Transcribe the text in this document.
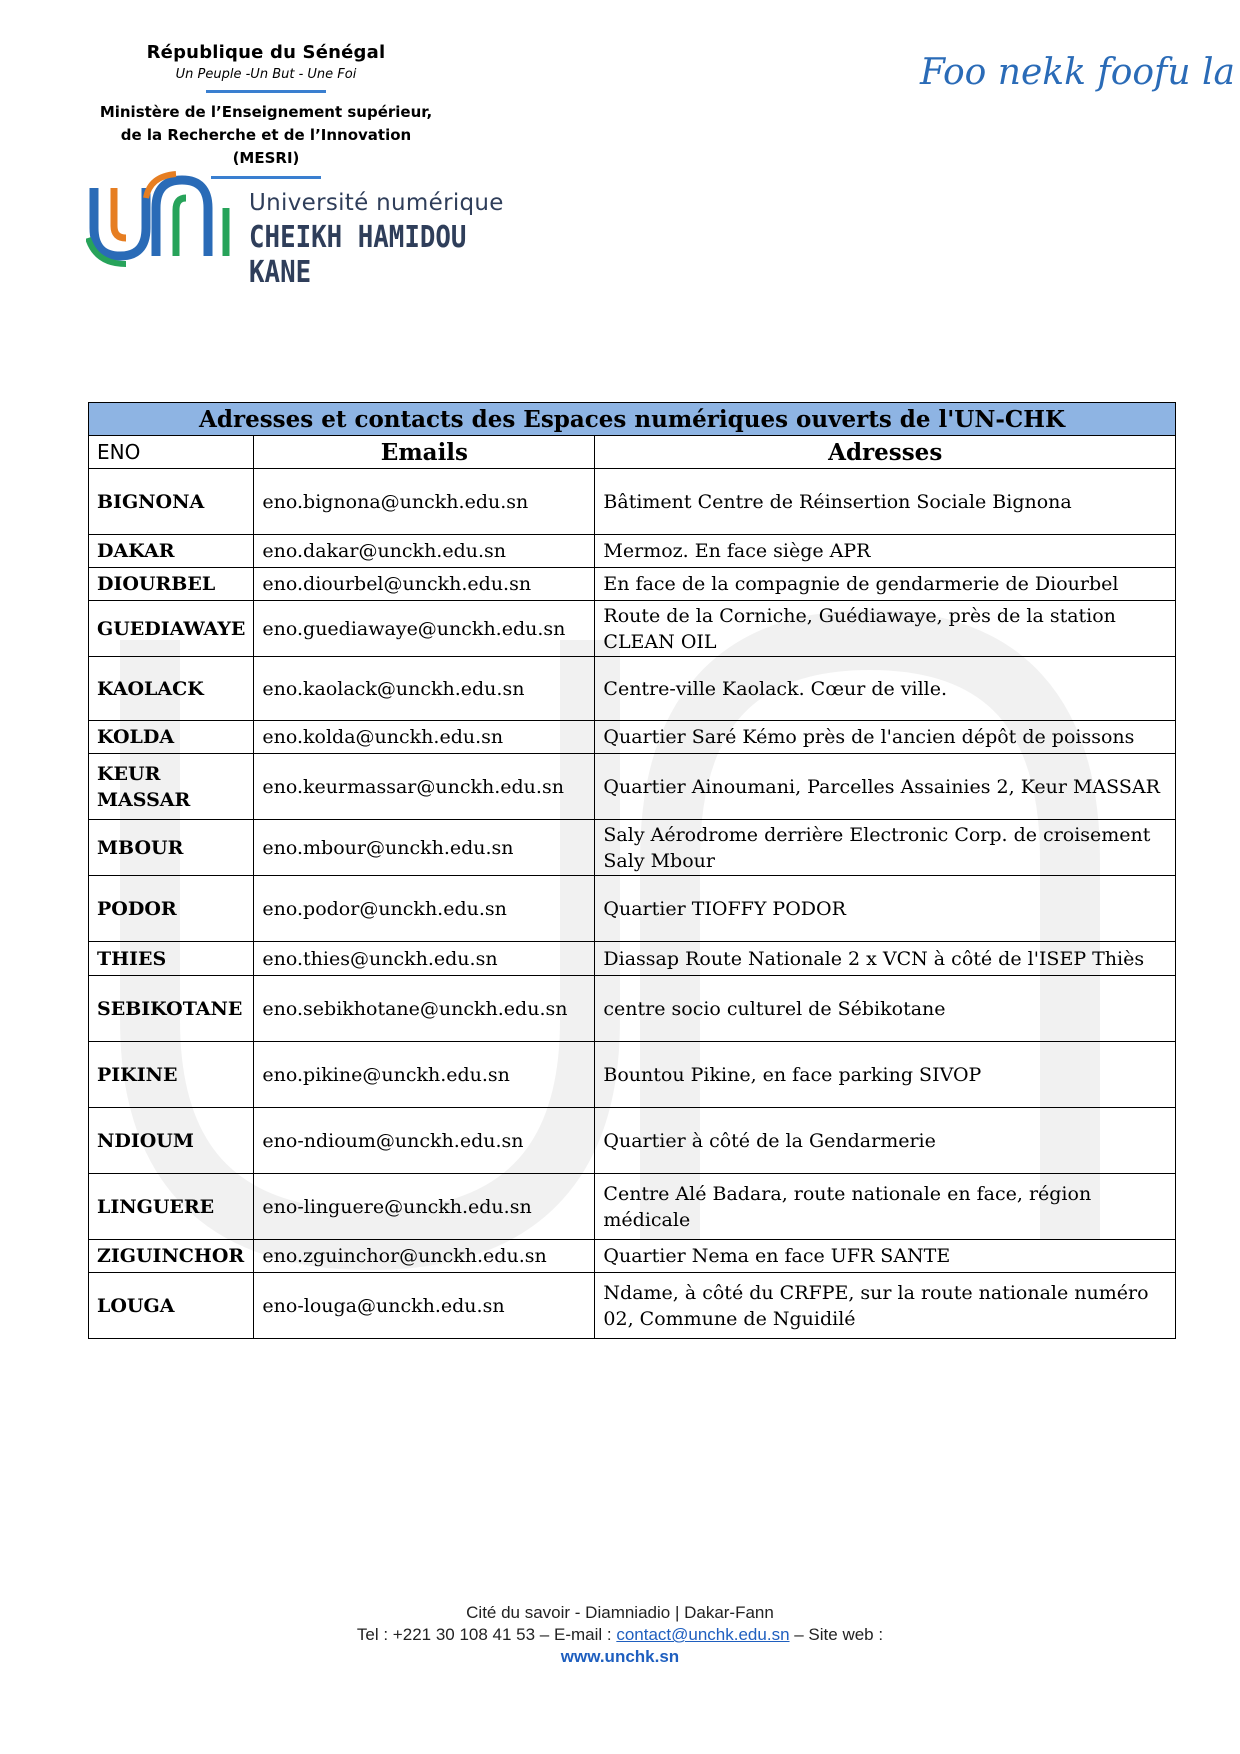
République du Sénégal
Un Peuple -Un But - Une Foi
Ministère de l’Enseignement supérieur,
de la Recherche et de l’Innovation (MESRI)
Université numérique
CHEIKH HAMIDOU KANE
Foo nekk foofu la
Adresses et contacts des Espaces numériques ouverts de l'UN-CHK		
ENO	Emails	Adresses
BIGNONA	eno.bignona@unckh.edu.sn	Bâtiment Centre de Réinsertion Sociale Bignona
DAKAR	eno.dakar@unckh.edu.sn	Mermoz. En face siège APR
DIOURBEL	eno.diourbel@unckh.edu.sn	En face de la compagnie de gendarmerie de Diourbel
GUEDIAWAYE	eno.guediawaye@unckh.edu.sn	Route de la Corniche, Guédiawaye, près de la station CLEAN OIL
KAOLACK	eno.kaolack@unckh.edu.sn	Centre-ville Kaolack. Cœur de ville.
KOLDA	eno.kolda@unckh.edu.sn	Quartier Saré Kémo près de l'ancien dépôt de poissons
KEUR MASSAR	eno.keurmassar@unckh.edu.sn	Quartier Ainoumani, Parcelles Assainies 2, Keur MASSAR
MBOUR	eno.mbour@unckh.edu.sn	Saly Aérodrome derrière Electronic Corp. de croisement Saly Mbour
PODOR	eno.podor@unckh.edu.sn	Quartier TIOFFY PODOR
THIES	eno.thies@unckh.edu.sn	Diassap Route Nationale 2 x VCN à côté de l'ISEP Thiès
SEBIKOTANE	eno.sebikhotane@unckh.edu.sn	centre socio culturel de Sébikotane
PIKINE	eno.pikine@unckh.edu.sn	Bountou Pikine, en face parking SIVOP
NDIOUM	eno-ndioum@unckh.edu.sn	Quartier à côté de la Gendarmerie
LINGUERE	eno-linguere@unckh.edu.sn	Centre Alé Badara, route nationale en face, région médicale
ZIGUINCHOR	eno.zguinchor@unckh.edu.sn	Quartier Nema en face UFR SANTE
LOUGA	eno-louga@unckh.edu.sn	Ndame, à côté du CRFPE, sur la route nationale numéro 02, Commune de Nguidilé
Cité du savoir - Diamniadio | Dakar-Fann
Tel : +221 30 108 41 53 – E-mail : contact@unchk.edu.sn – Site web :
www.unchk.sn
